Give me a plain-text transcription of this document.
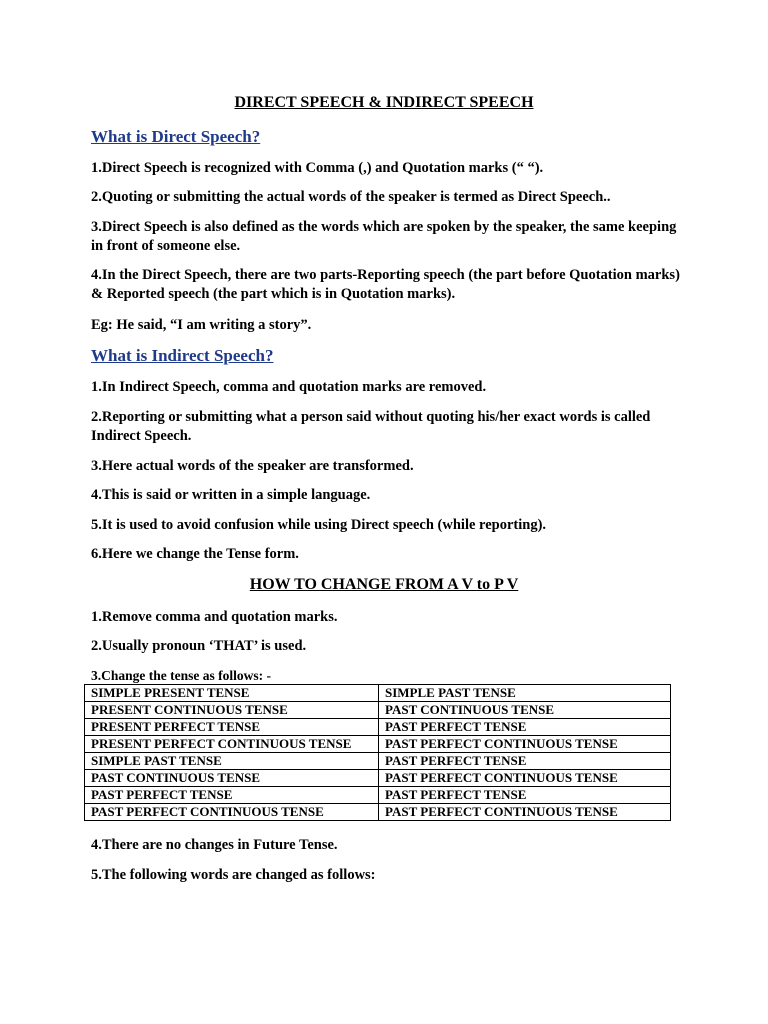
DIRECT SPEECH & INDIRECT SPEECH
What is Direct Speech?
1.Direct Speech is recognized with Comma (,) and Quotation marks (“ “).
2.Quoting or submitting the actual words of the speaker is termed as Direct Speech..
3.Direct Speech is also defined as the words which are spoken by the speaker, the same keeping in front of someone else.
4.In the Direct Speech, there are two parts-Reporting speech (the part before Quotation marks) & Reported speech (the part which is in Quotation marks).
Eg: He said, “I am writing a story”.
What is Indirect Speech?
1.In Indirect Speech, comma and quotation marks are removed.
2.Reporting or submitting what a person said without quoting his/her exact words is called Indirect Speech.
3.Here actual words of the speaker are transformed.
4.This is said or written in a simple language.
5.It is used to avoid confusion while using Direct speech (while reporting).
6.Here we change the Tense form.
HOW TO CHANGE FROM A V to P V
1.Remove comma and quotation marks.
2.Usually pronoun ‘THAT’ is used.
3.Change the tense as follows: -
SIMPLE PRESENT TENSE	SIMPLE PAST TENSE
PRESENT CONTINUOUS TENSE	PAST CONTINUOUS TENSE
PRESENT PERFECT TENSE	PAST PERFECT TENSE
PRESENT PERFECT CONTINUOUS TENSE	PAST PERFECT CONTINUOUS TENSE
SIMPLE PAST TENSE	PAST PERFECT TENSE
PAST CONTINUOUS TENSE	PAST PERFECT CONTINUOUS TENSE
PAST PERFECT TENSE	PAST PERFECT TENSE
PAST PERFECT CONTINUOUS TENSE	PAST PERFECT CONTINUOUS TENSE
4.There are no changes in Future Tense.
5.The following words are changed as follows:
